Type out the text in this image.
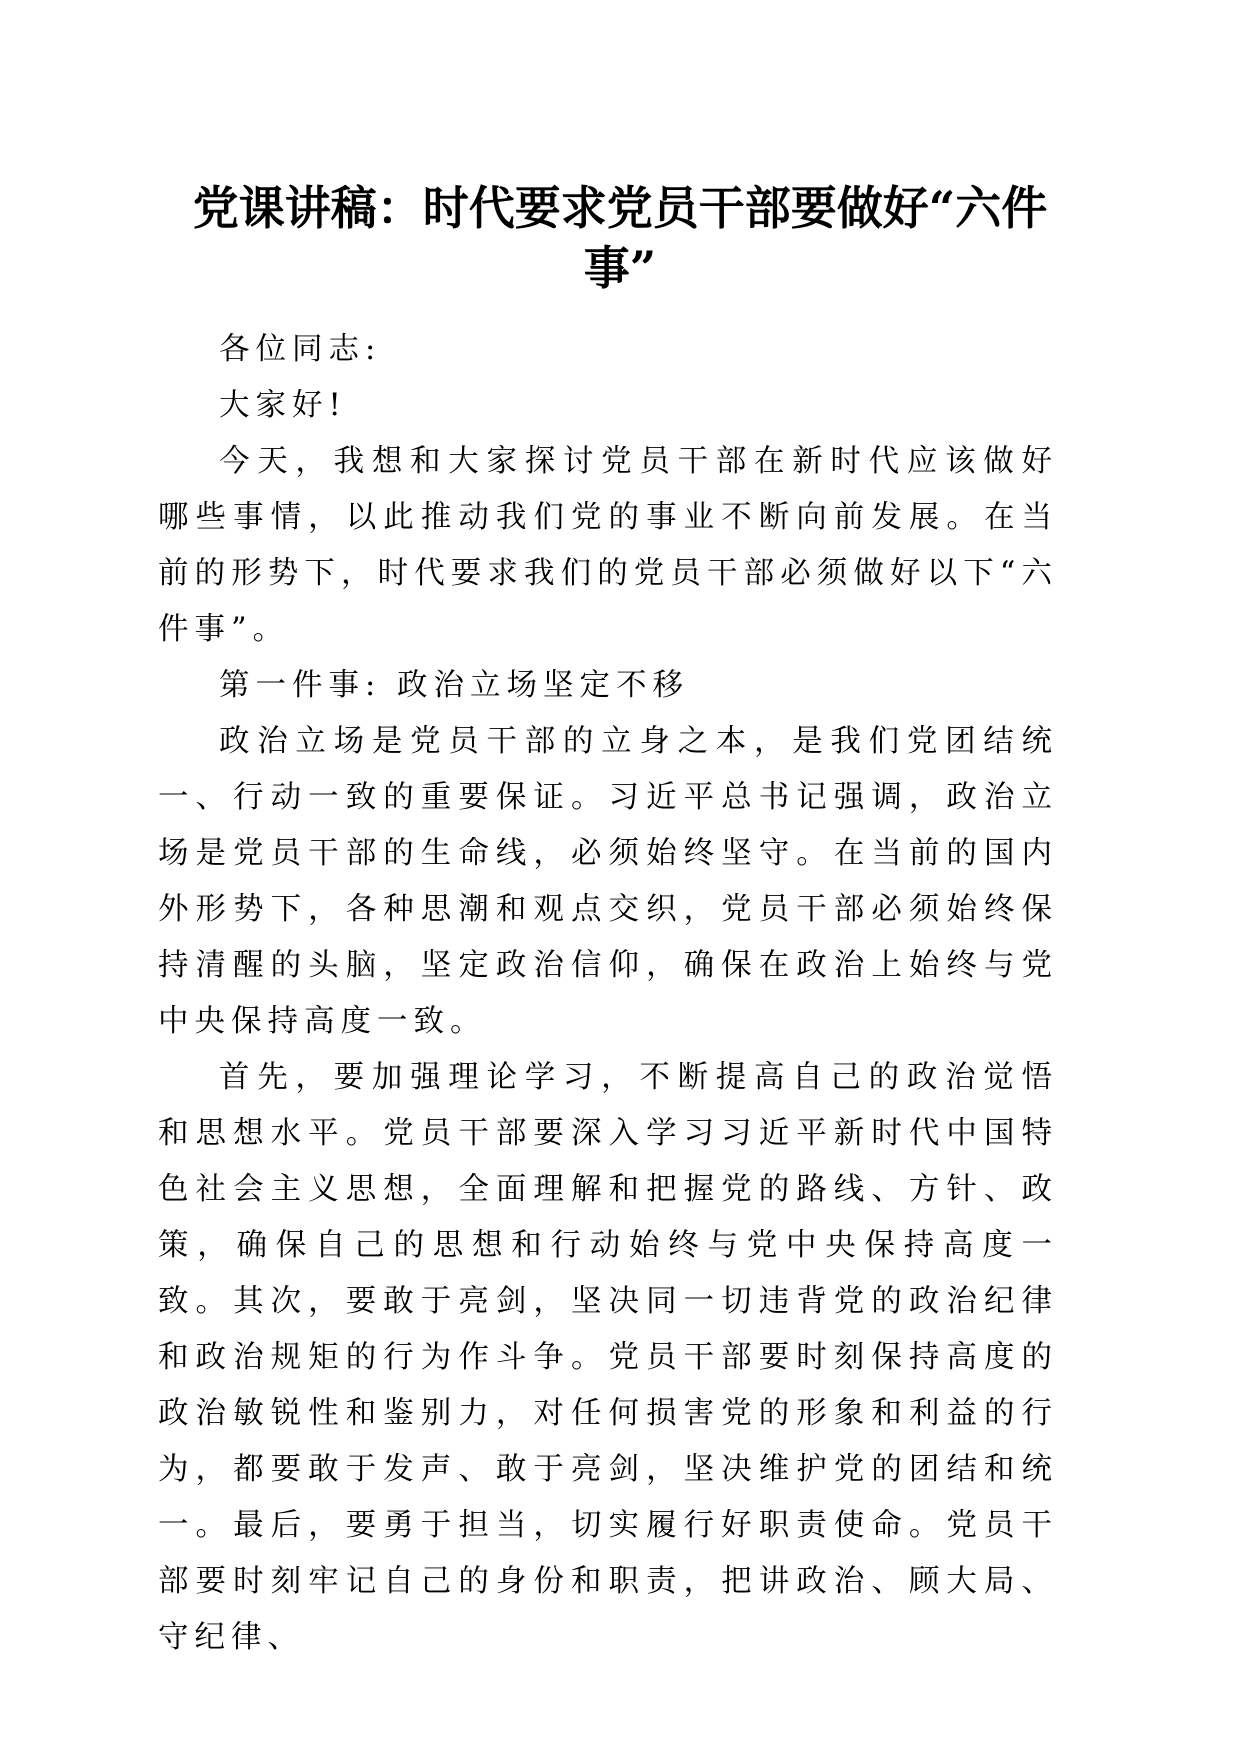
党课讲稿：时代要求党员干部要做好“六件事”

各位同志:

大家好!

今天，我想和大家探讨党员干部在新时代应该做好哪些事情，以此推动我们党的事业不断向前发展。在当前的形势下，时代要求我们的党员干部必须做好以下“六件事”。

第一件事: 政治立场坚定不移

政治立场是党员干部的立身之本，是我们党团结统一、行动一致的重要保证。习近平总书记强调，政治立场是党员干部的生命线，必须始终坚守。在当前的国内外形势下，各种思潮和观点交织，党员干部必须始终保持清醒的头脑，坚定政治信仰，确保在政治上始终与党中央保持高度一致。

首先，要加强理论学习，不断提高自己的政治觉悟和思想水平。党员干部要深入学习习近平新时代中国特色社会主义思想，全面理解和把握党的路线、方针、政策，确保自己的思想和行动始终与党中央保持高度一致。其次，要敢于亮剑，坚决同一切违背党的政治纪律和政治规矩的行为作斗争。党员干部要时刻保持高度的政治敏锐性和鉴别力，对任何损害党的形象和利益的行为，都要敢于发声、敢于亮剑，坚决维护党的团结和统一。最后，要勇于担当，切实履行好职责使命。党员干部要时刻牢记自己的身份和职责，把讲政治、顾大局、守纪律、
